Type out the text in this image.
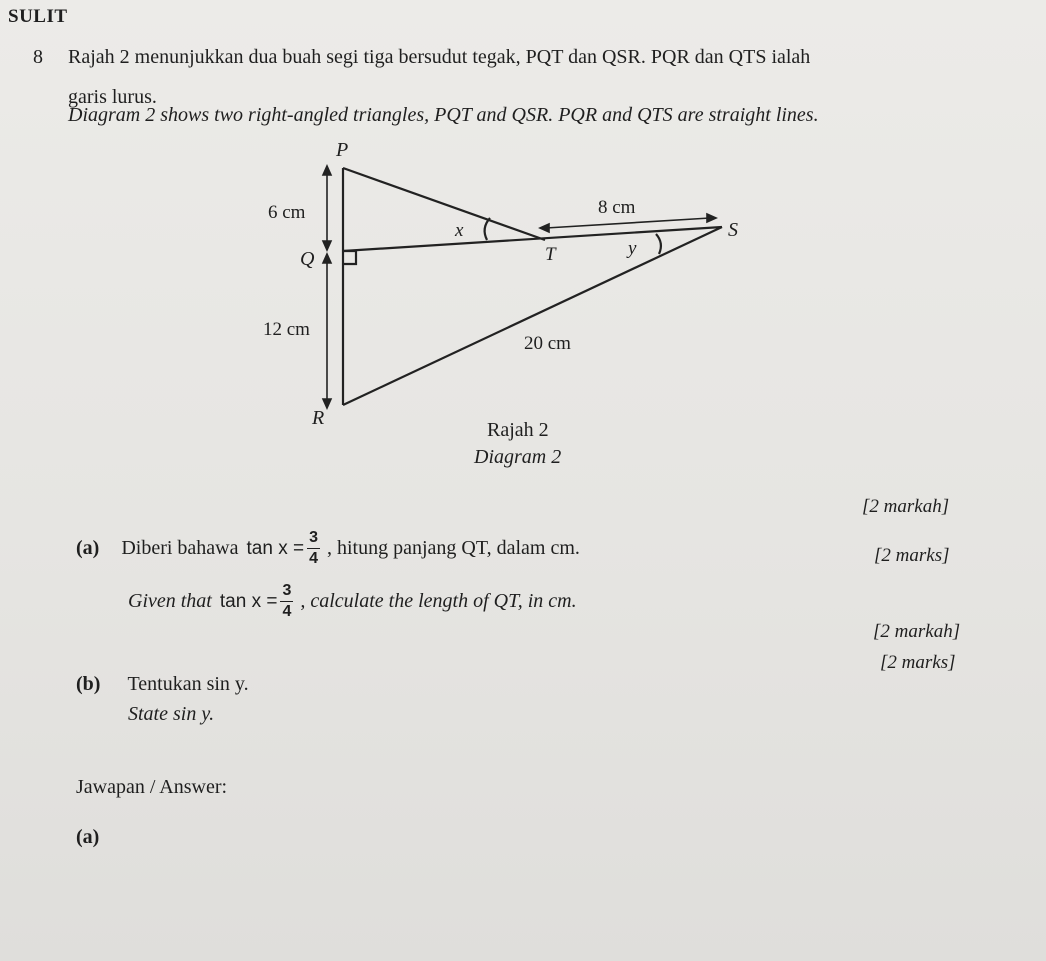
SULIT
8 Rajah 2 menunjukkan dua buah segi tiga bersudut tegak, PQT dan QSR. PQR dan QTS ialah
garis lurus.
Diagram 2 shows two right-angled triangles, PQT and QSR. PQR and QTS are straight lines.
P
Q
R
S
T
x
y
6 cm
12 cm
8 cm
20 cm
Rajah 2
Diagram 2
[2 markah]
[2 marks]
(a) Diberi bahawa $\tan x = \frac{3}{4}$ , hitung panjang QT, dalam cm.
Given that $\tan x = \frac{3}{4}$ , calculate the length of QT, in cm.
[2 markah]
[2 marks]
(b) Tentukan sin y.
State sin y.
Jawapan / Answer:
(a)
